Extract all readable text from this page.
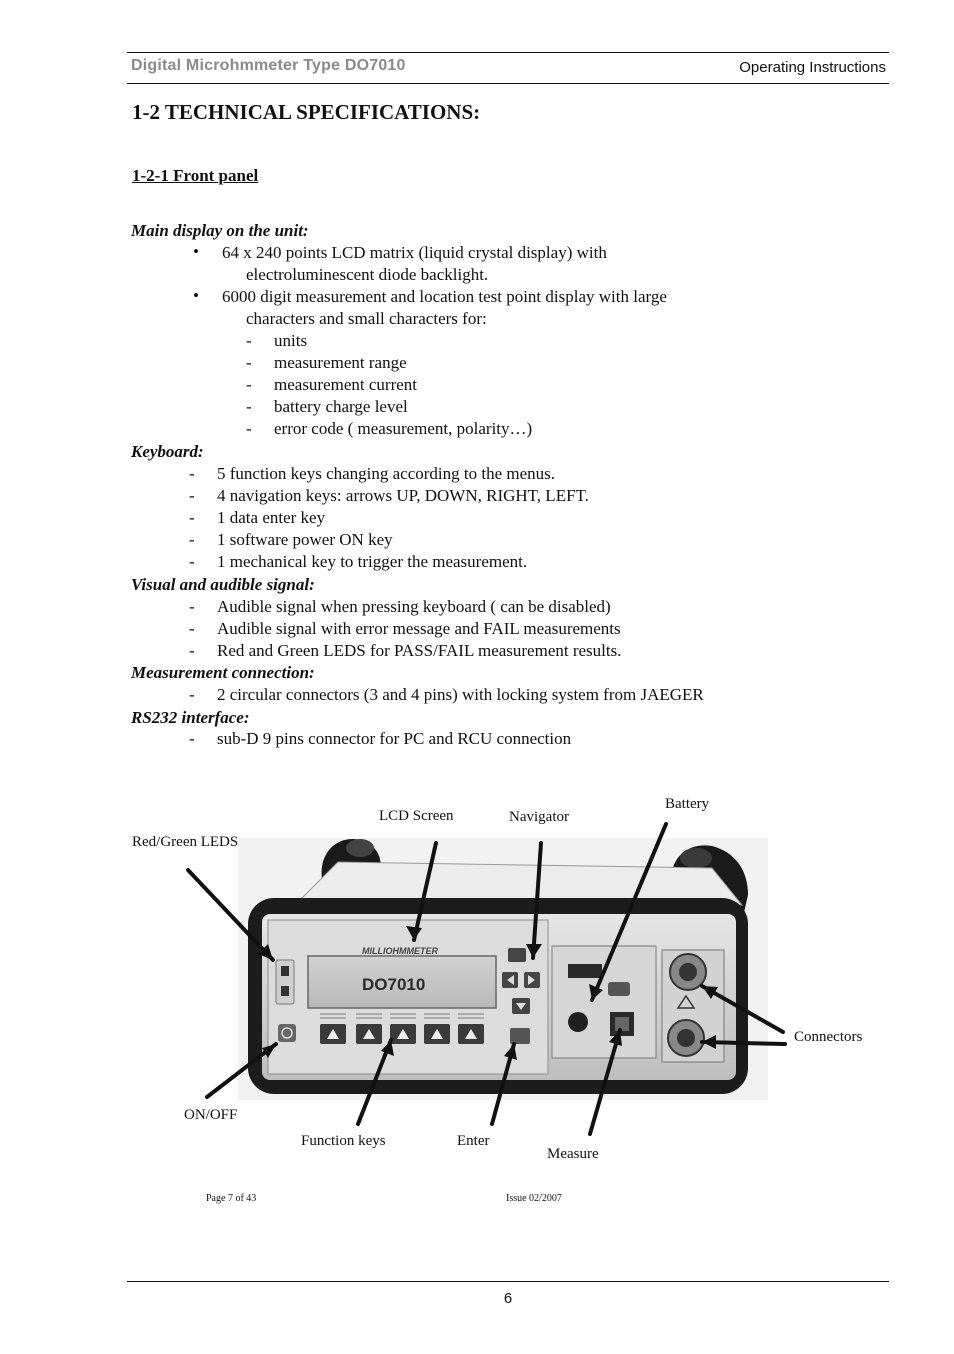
Digital Microhmmeter Type DO7010	Operating Instructions
1-2 TECHNICAL SPECIFICATIONS:
1-2-1 Front panel
Main display on the unit:
• 64 x 240 points LCD matrix (liquid crystal display) with
electroluminescent diode backlight.
• 6000 digit measurement and location test point display with large
characters and small characters for:
- units
- measurement range
- measurement current
- battery charge level
- error code ( measurement, polarity…)
Keyboard:
- 5 function keys changing according to the menus.
- 4 navigation keys: arrows UP, DOWN, RIGHT, LEFT.
- 1 data enter key
- 1 software power ON key
- 1 mechanical key to trigger the measurement.
Visual and audible signal:
- Audible signal when pressing keyboard ( can be disabled)
- Audible signal with error message and FAIL measurements
- Red and Green LEDS for PASS/FAIL measurement results.
Measurement connection:
- 2 circular connectors (3 and 4 pins) with locking system from JAEGER
RS232 interface:
- sub-D 9 pins connector for PC and RCU connection
MILLIOHMMETER
DO7010
Battery
LCD Screen	Navigator
Red/Green LEDS
Connectors
ON/OFF
Function keys	Enter
Measure
Page 7 of 43	Issue 02/2007
6
